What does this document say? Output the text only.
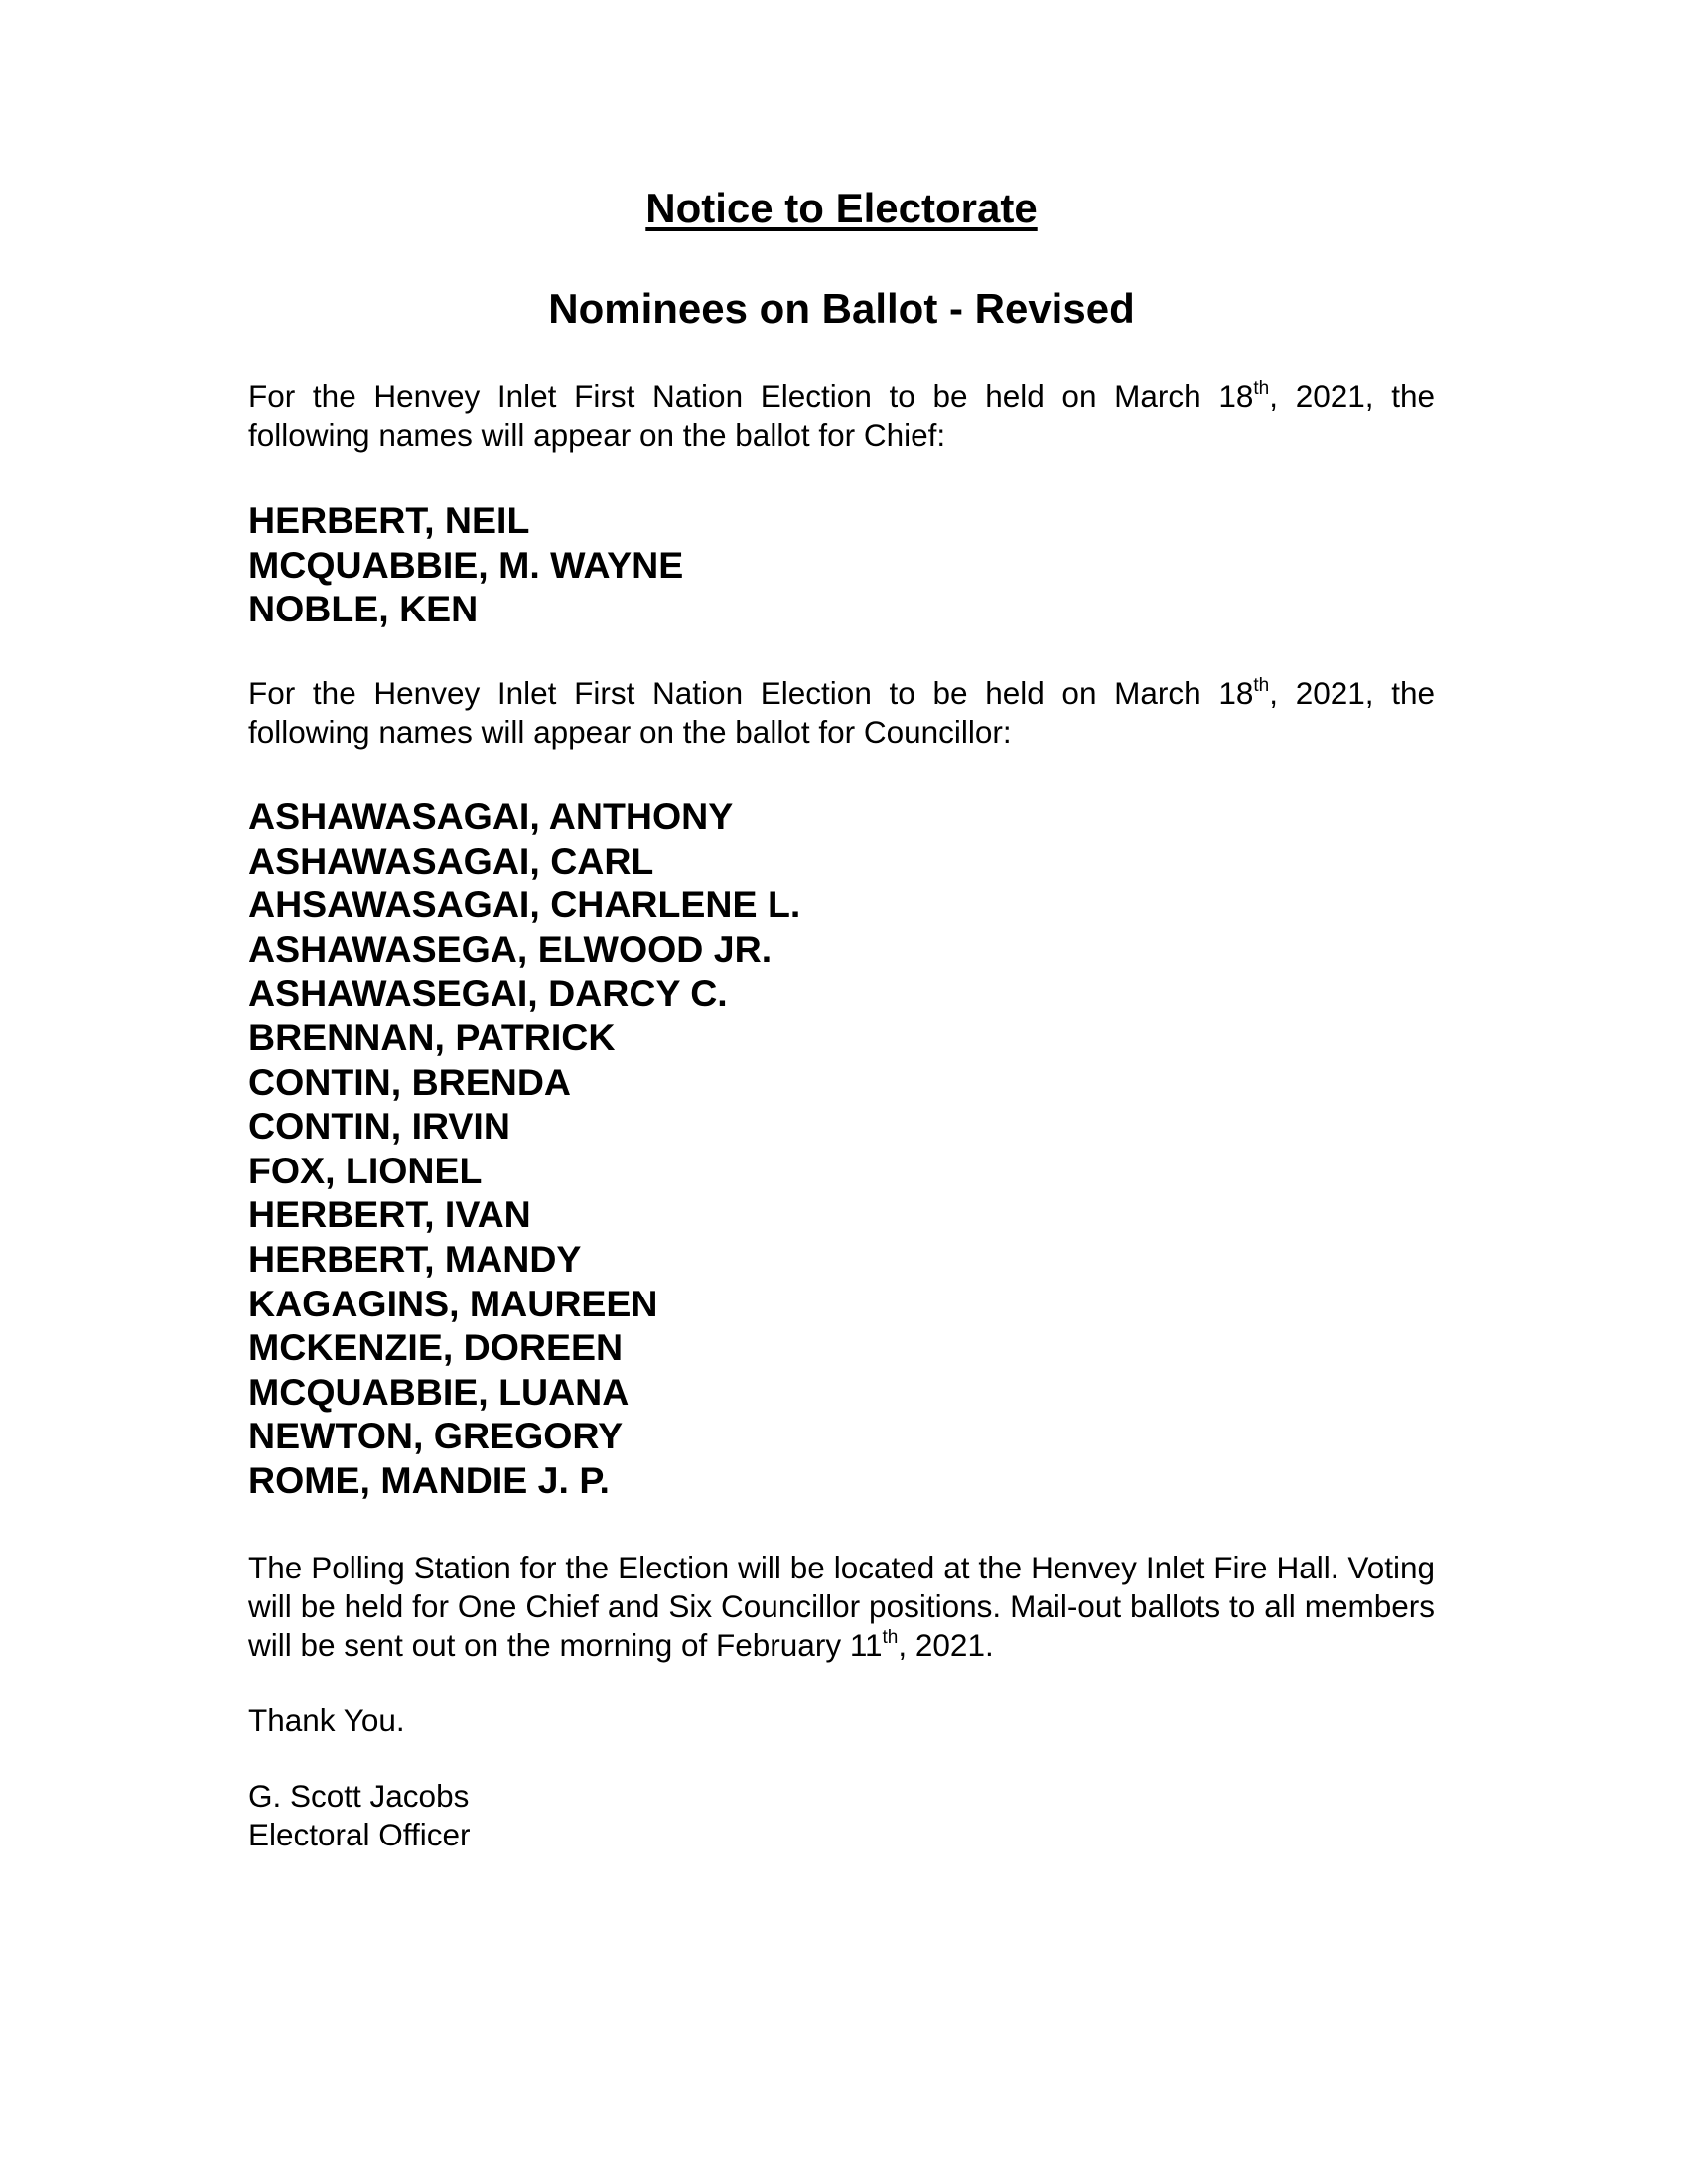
Notice to Electorate
Nominees on Ballot - Revised

For the Henvey Inlet First Nation Election to be held on March 18th, 2021, the following names will appear on the ballot for Chief:

HERBERT, NEIL
MCQUABBIE, M. WAYNE
NOBLE, KEN

For the Henvey Inlet First Nation Election to be held on March 18th, 2021, the following names will appear on the ballot for Councillor:

ASHAWASAGAI, ANTHONY
ASHAWASAGAI, CARL
AHSAWASAGAI, CHARLENE L.
ASHAWASEGA, ELWOOD JR.
ASHAWASEGAI, DARCY C.
BRENNAN, PATRICK
CONTIN, BRENDA
CONTIN, IRVIN
FOX, LIONEL
HERBERT, IVAN
HERBERT, MANDY
KAGAGINS, MAUREEN
MCKENZIE, DOREEN
MCQUABBIE, LUANA
NEWTON, GREGORY
ROME, MANDIE J. P.

The Polling Station for the Election will be located at the Henvey Inlet Fire Hall. Voting will be held for One Chief and Six Councillor positions. Mail-out ballots to all members will be sent out on the morning of February 11th, 2021.

Thank You.

G. Scott Jacobs

Electoral Officer
